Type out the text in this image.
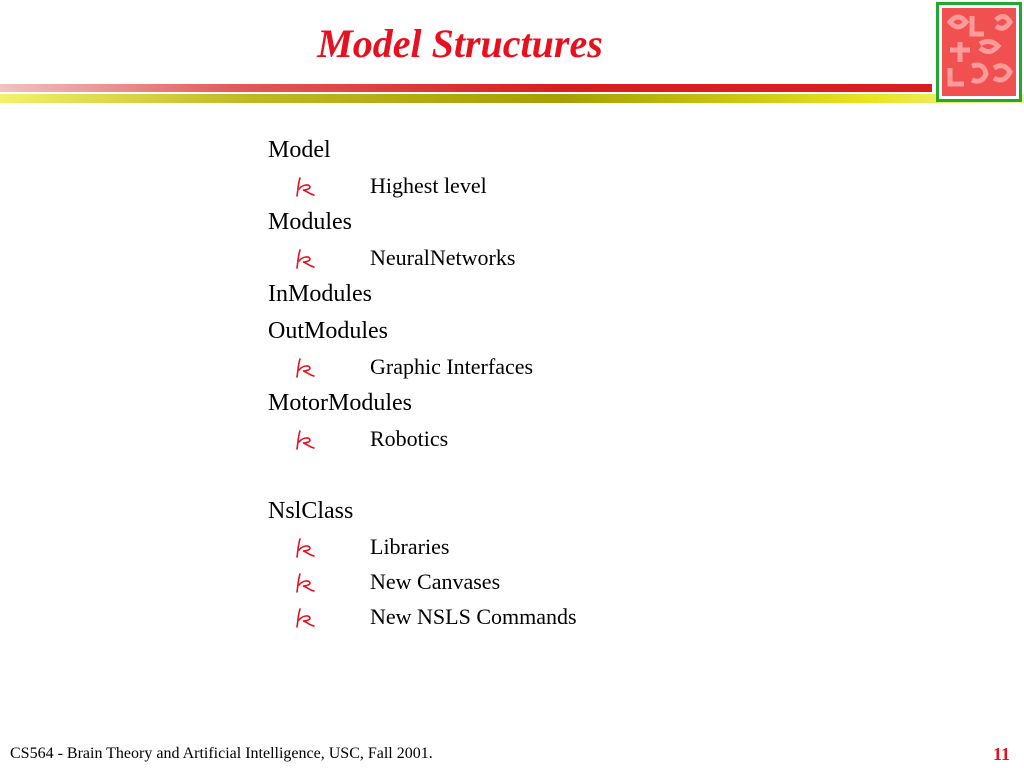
Model Structures
Model
Highest level
Modules
NeuralNetworks
InModules
OutModules
Graphic Interfaces
MotorModules
Robotics
NslClass
Libraries
New Canvases
New NSLS Commands
CS564 - Brain Theory and Artificial Intelligence, USC, Fall 2001.	11
